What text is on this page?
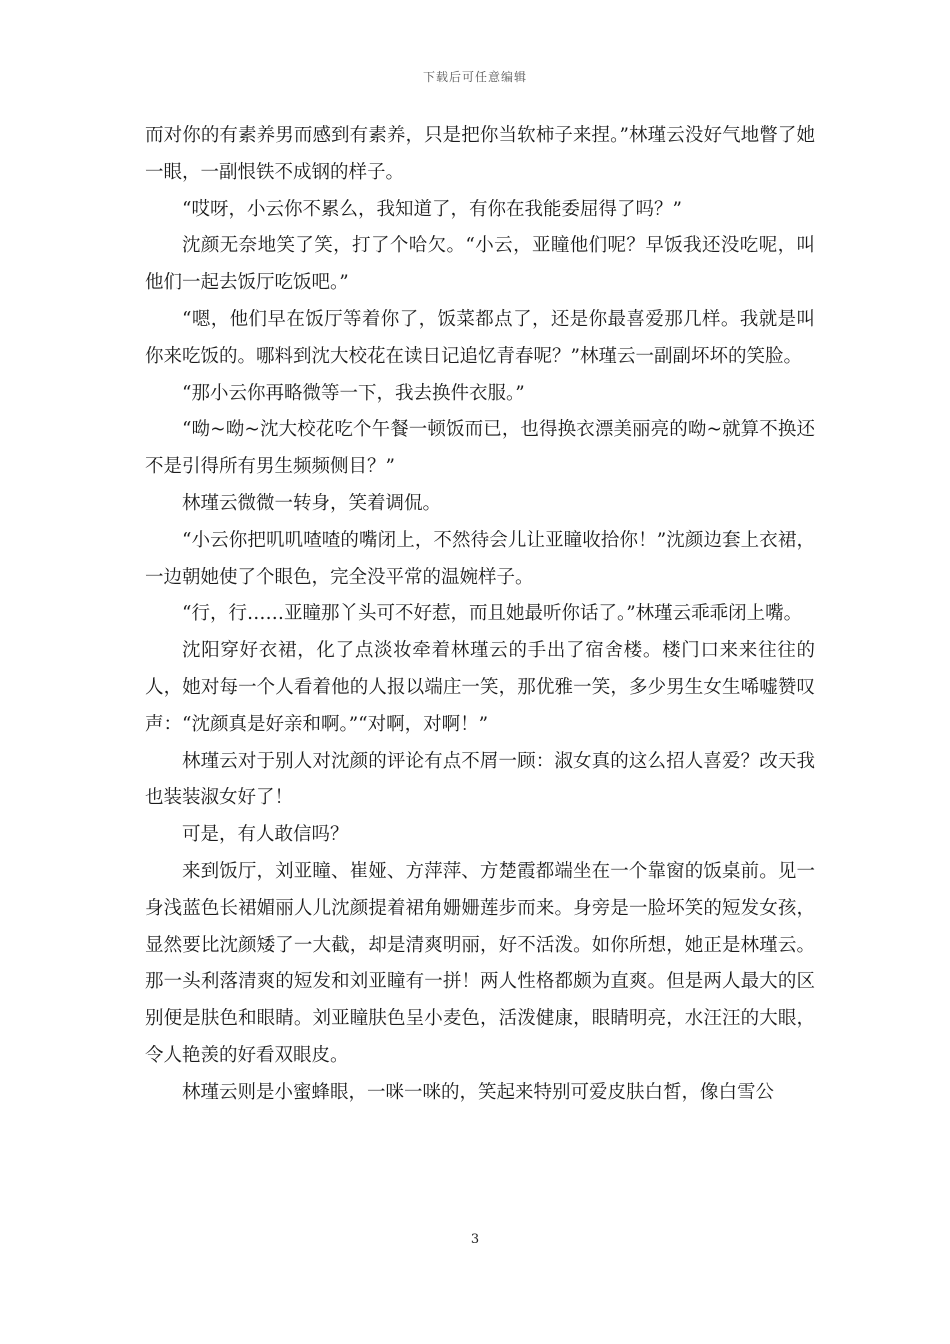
下载后可任意编辑

而对你的有素养男而感到有素养，只是把你当软柿子来捏。”林瑾云没好气地瞥了她一眼，一副恨铁不成钢的样子。

“哎呀，小云你不累么，我知道了，有你在我能委屈得了吗？”

沈颜无奈地笑了笑，打了个哈欠。“小云，亚瞳他们呢？早饭我还没吃呢，叫他们一起去饭厅吃饭吧。”

“嗯，他们早在饭厅等着你了，饭菜都点了，还是你最喜爱那几样。我就是叫你来吃饭的。哪料到沈大校花在读日记追忆青春呢？”林瑾云一副副坏坏的笑脸。

“那小云你再略微等一下，我去换件衣服。”

“呦~呦~沈大校花吃个午餐一顿饭而已，也得换衣漂美丽亮的呦~就算不换还不是引得所有男生频频侧目？”

林瑾云微微一转身，笑着调侃。

“小云你把叽叽喳喳的嘴闭上，不然待会儿让亚瞳收拾你！”沈颜边套上衣裙，一边朝她使了个眼色，完全没平常的温婉样子。

“行，行……亚瞳那丫头可不好惹，而且她最听你话了。”林瑾云乖乖闭上嘴。

沈阳穿好衣裙，化了点淡妆牵着林瑾云的手出了宿舍楼。楼门口来来往往的人，她对每一个人看着他的人报以端庄一笑，那优雅一笑，多少男生女生唏嘘赞叹声：“沈颜真是好亲和啊。”“对啊，对啊！”

林瑾云对于别人对沈颜的评论有点不屑一顾：淑女真的这么招人喜爱？改天我也装装淑女好了！

可是，有人敢信吗？

来到饭厅，刘亚瞳、崔娅、方萍萍、方楚霞都端坐在一个靠窗的饭桌前。见一身浅蓝色长裙媚丽人儿沈颜提着裙角姗姗莲步而来。身旁是一脸坏笑的短发女孩，显然要比沈颜矮了一大截，却是清爽明丽，好不活泼。如你所想，她正是林瑾云。那一头利落清爽的短发和刘亚瞳有一拼！两人性格都颇为直爽。但是两人最大的区别便是肤色和眼睛。刘亚瞳肤色呈小麦色，活泼健康，眼睛明亮，水汪汪的大眼，令人艳羡的好看双眼皮。

林瑾云则是小蜜蜂眼，一咪一咪的，笑起来特别可爱皮肤白皙，像白雪公

3
